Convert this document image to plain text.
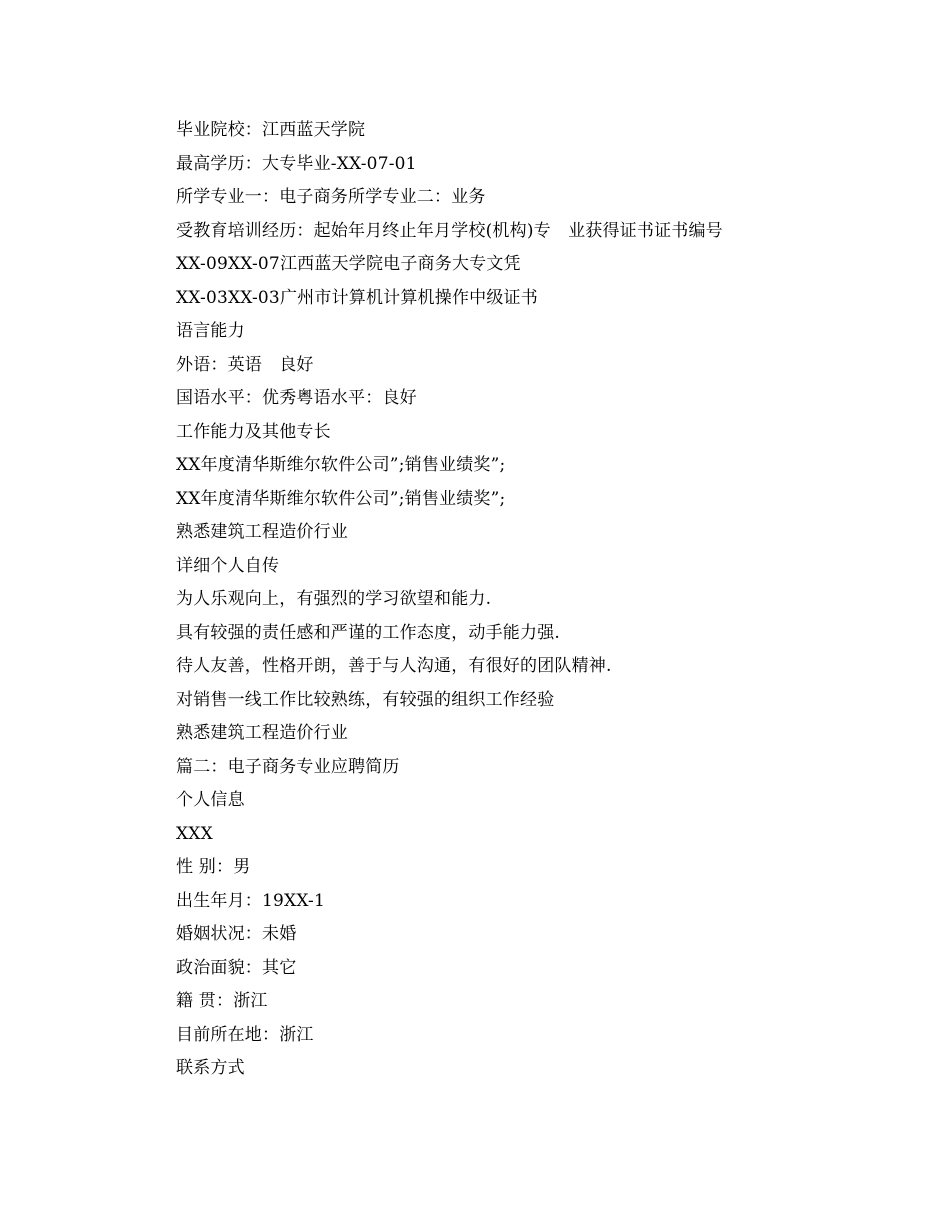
毕业院校：江西蓝天学院
最高学历：大专毕业-XX-07-01
所学专业一：电子商务所学专业二：业务
受教育培训经历：起始年月终止年月学校(机构)专　业获得证书证书编号
XX-09XX-07江西蓝天学院电子商务大专文凭
XX-03XX-03广州市计算机计算机操作中级证书
语言能力
外语：英语　良好
国语水平：优秀粤语水平：良好
工作能力及其他专长
XX年度清华斯维尔软件公司”;销售业绩奖”;
XX年度清华斯维尔软件公司”;销售业绩奖”;
熟悉建筑工程造价行业
详细个人自传
为人乐观向上，有强烈的学习欲望和能力.
具有较强的责任感和严谨的工作态度，动手能力强.
待人友善，性格开朗，善于与人沟通，有很好的团队精神.
对销售一线工作比较熟练，有较强的组织工作经验
熟悉建筑工程造价行业
篇二：电子商务专业应聘简历
个人信息
XXX
性 别：男
出生年月：19XX-1
婚姻状况：未婚
政治面貌：其它
籍 贯：浙江
目前所在地：浙江
联系方式
